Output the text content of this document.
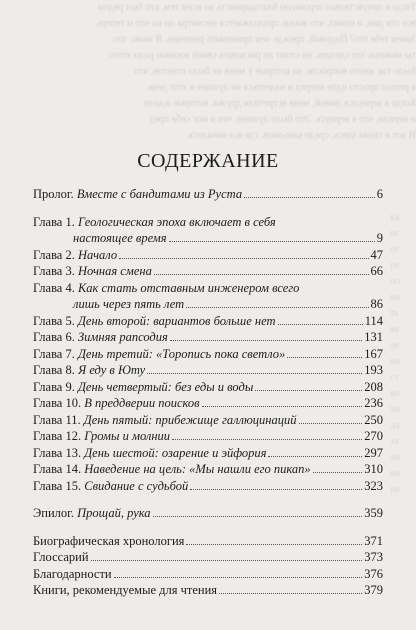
Тогда я почувствовал огромную благодарность ко всем тем, кто был рядом
все эти дни, и понял, что жизнь продолжается несмотря ни на что и теперь
Зачем тебе это? Подумай, прежде чем принимать решение. Я знаю, что
ты можешь это сделать, но стоит ли рисковать своей жизнью ради этого
Было так много вопросов, на которые у меня не было ответов, что
я решил просто идти вперед и надеяться на лучшее в этот день
Когда я вернулся домой, меня встретили друзья, которые ждали
и верили, что я вернусь. Это было лучшее, что я мог себе пред
И вот я снова здесь, среди каньонов, где все началось
ка
ис
от
ре
по
ни
ть
ва
ле
но
ст
ко
ти
да
за
ли
на
ра
СОДЕРЖАНИЕ
Пролог. Вместе с бандитами из Руста	6
Глава 1. Геологическая эпоха включает в себя
настоящее время	9
Глава 2. Начало	47
Глава 3. Ночная смена	66
Глава 4. Как стать отставным инженером всего
лишь через пять лет	86
Глава 5. День второй: вариантов больше нет	114
Глава 6. Зимняя рапсодия	131
Глава 7. День третий: «Торопись пока светло»	167
Глава 8. Я еду в Юту	193
Глава 9. День четвертый: без еды и воды	208
Глава 10. В преддверии поисков	236
Глава 11. День пятый: прибежище галлюцинаций	250
Глава 12. Громы и молнии	270
Глава 13. День шестой: озарение и эйфория	297
Глава 14. Наведение на цель: «Мы нашли его пикап»	310
Глава 15. Свидание с судьбой	323
Эпилог. Прощай, рука	359
Биографическая хронология	371
Глоссарий	373
Благодарности	376
Книги, рекомендуемые для чтения	379
